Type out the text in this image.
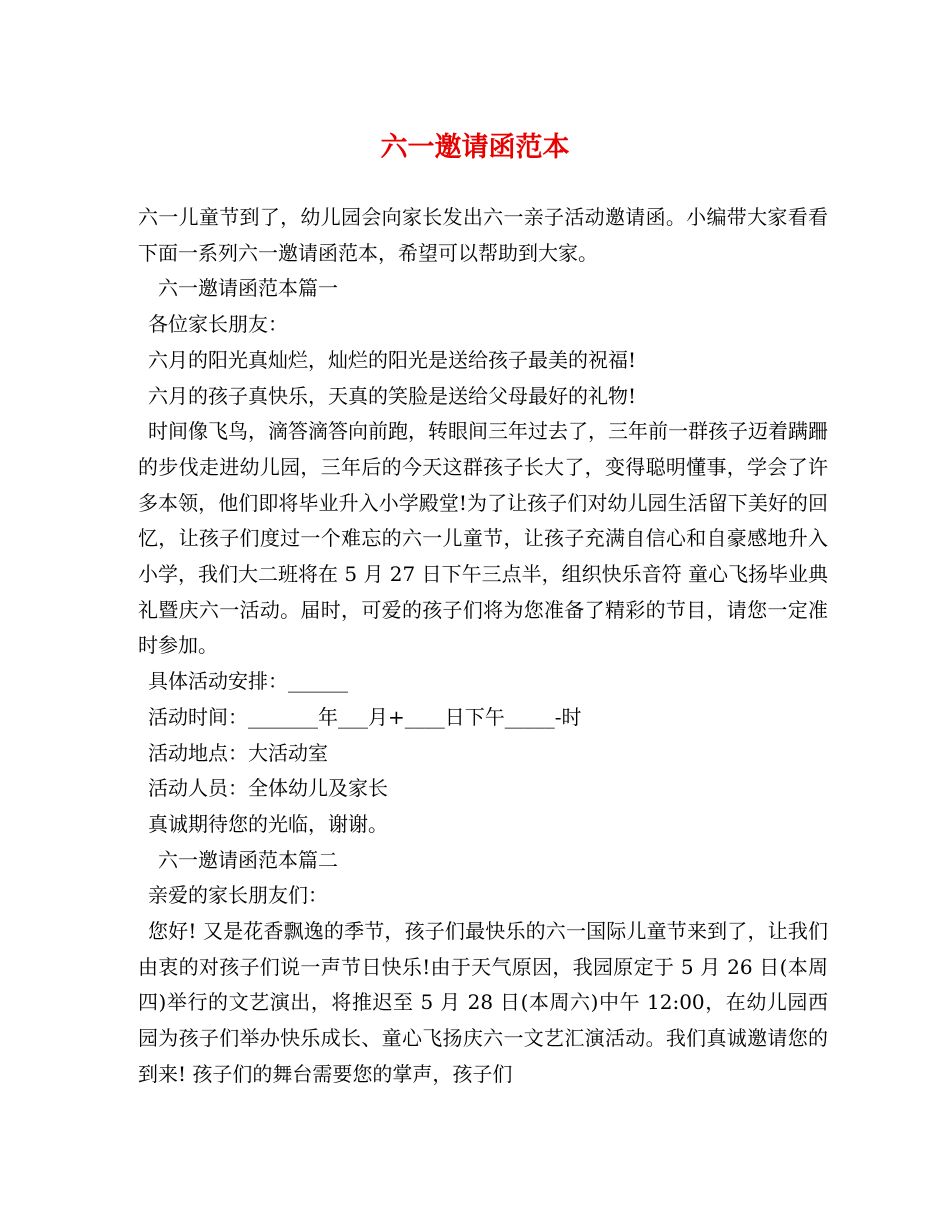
六一邀请函范本

六一儿童节到了，幼儿园会向家长发出六一亲子活动邀请函。小编带大家看看下面一系列六一邀请函范本，希望可以帮助到大家。

六一邀请函范本篇一

各位家长朋友：

六月的阳光真灿烂，灿烂的阳光是送给孩子最美的祝福!

六月的孩子真快乐，天真的笑脸是送给父母最好的礼物!

时间像飞鸟，滴答滴答向前跑，转眼间三年过去了，三年前一群孩子迈着蹒跚的步伐走进幼儿园，三年后的今天这群孩子长大了，变得聪明懂事，学会了许多本领，他们即将毕业升入小学殿堂!为了让孩子们对幼儿园生活留下美好的回忆，让孩子们度过一个难忘的六一儿童节，让孩子充满自信心和自豪感地升入小学，我们大二班将在 5 月 27 日下午三点半，组织快乐音符 童心飞扬毕业典礼暨庆六一活动。届时，可爱的孩子们将为您准备了精彩的节目，请您一定准时参加。

具体活动安排：______

活动时间：_______年___月+____日下午_____-时

活动地点：大活动室

活动人员：全体幼儿及家长

真诚期待您的光临，谢谢。

六一邀请函范本篇二

亲爱的家长朋友们：

您好! 又是花香飘逸的季节，孩子们最快乐的六一国际儿童节来到了，让我们由衷的对孩子们说一声节日快乐!由于天气原因，我园原定于 5 月 26 日(本周四)举行的文艺演出，将推迟至 5 月 28 日(本周六)中午 12:00，在幼儿园西园为孩子们举办快乐成长、童心飞扬庆六一文艺汇演活动。我们真诚邀请您的到来! 孩子们的舞台需要您的掌声，孩子们
